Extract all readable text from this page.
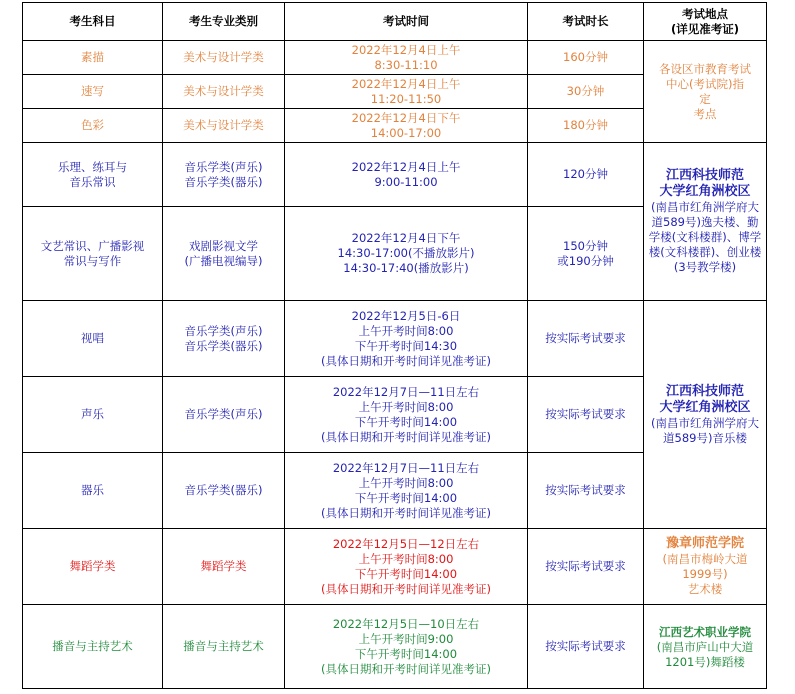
考生科目	考生专业类别	考试时间	考试时长	考试地点
(详见准考证)

素描	美术与设计学类	2022年12月4日上午
8:30-11:10	160分钟	各设区市教育考试
中心(考试院)指
定
考点

速写	美术与设计学类	2022年12月4日上午
11:20-11:50	30分钟	
色彩	美术与设计学类	2022年12月4日下午
14:00-17:00	180分钟	

乐理、练耳与
音乐常识	音乐学类(声乐)
音乐学类(器乐)	2022年12月4日上午
9:00-11:00	120分钟	江西科技师范
大学红角洲校区
(南昌市红角洲学府大道589号)逸夫楼、勤学楼(文科楼群)、博学楼(文科楼群)、创业楼(3号教学楼)

文艺常识、广播影视
常识与写作	戏剧影视文学
(广播电视编导)	2022年12月4日下午
14:30-17:00(不播放影片)
14:30-17:40(播放影片)	150分钟
或190分钟	

视唱	音乐学类(声乐)
音乐学类(器乐)	2022年12月5日-6日
上午开考时间8:00
下午开考时间14:30
(具体日期和开考时间详见准考证)	按实际考试要求	江西科技师范
大学红角洲校区
(南昌市红角洲学府大道589号)音乐楼

声乐	音乐学类(声乐)	2022年12月7日—11日左右
上午开考时间8:00
下午开考时间14:00
(具体日期和开考时间详见准考证)	按实际考试要求	
器乐	音乐学类(器乐)	2022年12月7日—11日左右
上午开考时间8:00
下午开考时间14:00
(具体日期和开考时间详见准考证)	按实际考试要求	
舞蹈学类	舞蹈学类	2022年12月5日—12日左右
上午开考时间8:00
下午开考时间14:00
(具体日期和开考时间详见准考证)	按实际考试要求	豫章师范学院
(南昌市梅岭大道
1999号)
艺术楼

播音与主持艺术	播音与主持艺术	2022年12月5日—10日左右
上午开考时间9:00
下午开考时间14:00
(具体日期和开考时间详见准考证)	按实际考试要求	江西艺术职业学院
(南昌市庐山中大道1201号)舞蹈楼
